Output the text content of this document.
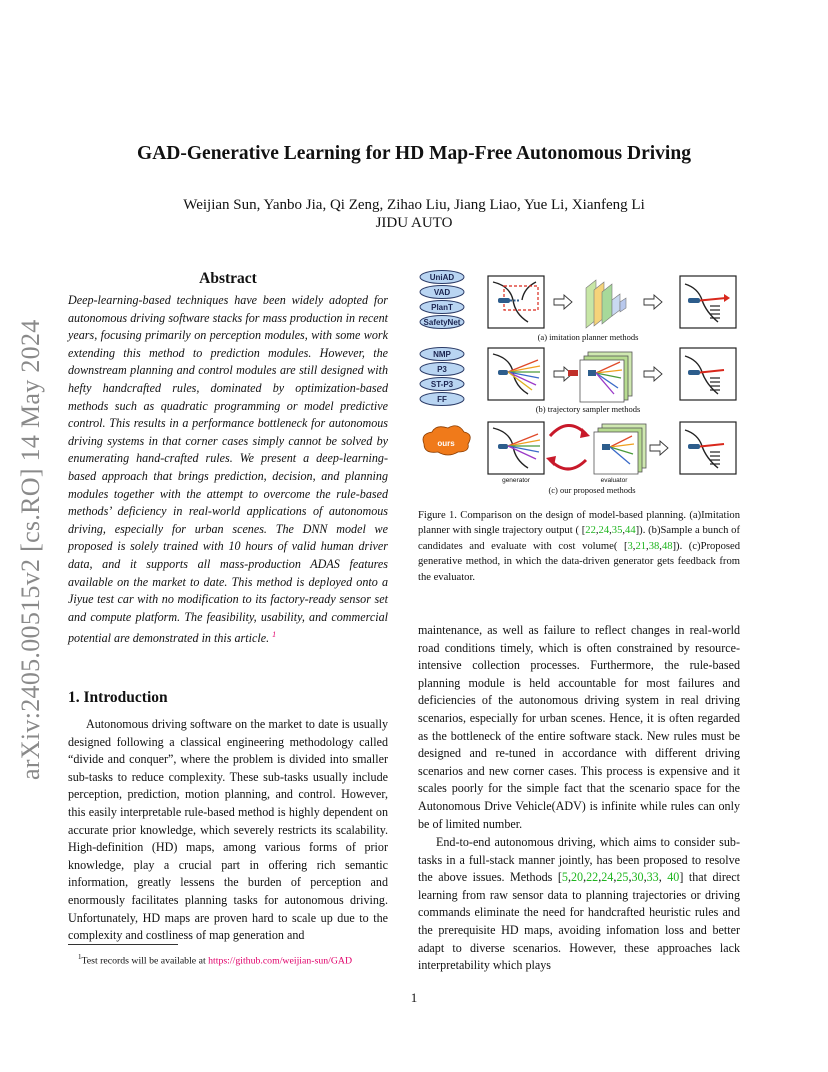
arXiv:2405.00515v2 [cs.RO] 14 May 2024
GAD-Generative Learning for HD Map-Free Autonomous Driving
Weijian Sun, Yanbo Jia, Qi Zeng, Zihao Liu, Jiang Liao, Yue Li, Xianfeng Li
JIDU AUTO
Abstract
Deep-learning-based techniques have been widely adopted for autonomous driving software stacks for mass production in recent years, focusing primarily on perception modules, with some work extending this method to prediction modules. However, the downstream planning and control modules are still designed with hefty handcrafted rules, dominated by optimization-based methods such as quadratic programming or model predictive control. This results in a performance bottleneck for autonomous driving systems in that corner cases simply cannot be solved by enumerating hand-crafted rules. We present a deep-learning-based approach that brings prediction, decision, and planning modules together with the attempt to overcome the rule-based methods’ deficiency in real-world applications of autonomous driving, especially for urban scenes. The DNN model we proposed is solely trained with 10 hours of valid human driver data, and it supports all mass-production ADAS features available on the market to date. This method is deployed onto a Jiyue test car with no modification to its factory-ready sensor set and compute platform. The feasibility, usability, and commercial potential are demonstrated in this article. $^1$
1. Introduction
Autonomous driving software on the market to date is usually designed following a classical engineering methodology called “divide and conquer”, where the problem is divided into smaller sub-tasks to reduce complexity. These sub-tasks usually include perception, prediction, motion planning, and control. However, this easily interpretable rule-based method is highly dependent on accurate prior knowledge, which severely restricts its scalability. High-definition (HD) maps, among various forms of prior knowledge, play a crucial part in offering rich semantic information, greatly lessens the burden of perception and enormously facilitates planning tasks for autonomous driving. Unfortunately, HD maps are proven hard to scale up due to the complexity and costliness of map generation and
$^1$Test records will be available at https://github.com/weijian-sun/GAD
UniAD
VAD
PlanT
SafetyNet
(a) imitation planner methods
NMP
P3
ST-P3
FF
(b) trajectory sampler methods
ours
generator	evaluator
(c) our proposed methods
Figure 1. Comparison on the design of model-based planning. (a)Imitation planner with single trajectory output ( [22,24,35,44]). (b)Sample a bunch of candidates and evaluate with cost volume( [3,21,38,48]). (c)Proposed generative method, in which the data-driven generator gets feedback from the evaluator.
maintenance, as well as failure to reflect changes in real-world road conditions timely, which is often constrained by resource-intensive collection processes. Furthermore, the rule-based planning module is held accountable for most failures and deficiencies of the autonomous driving system in real driving scenarios, especially for urban scenes. Hence, it is often regarded as the bottleneck of the entire software stack. New rules must be designed and re-tuned in accordance with different driving scenarios and new corner cases. This process is expensive and it scales poorly for the simple fact that the scenario space for the Autonomous Drive Vehicle(ADV) is infinite while rules can only be of limited number.
End-to-end autonomous driving, which aims to consider sub-tasks in a full-stack manner jointly, has been proposed to resolve the above issues. Methods [5,20,22,24,25,30,33, 40] that direct learning from raw sensor data to planning trajectories or driving commands eliminate the need for handcrafted heuristic rules and the prerequisite HD maps, avoiding infomation loss and better adapt to diverse scenarios. However, these approaches lack interpretability which plays
1
